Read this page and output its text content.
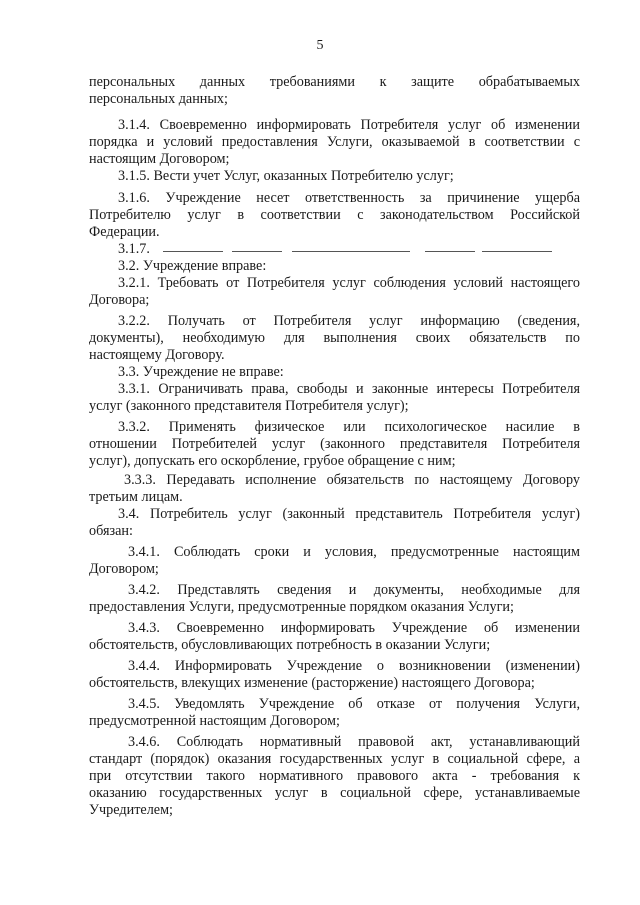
5
персональных данных требованиями к защите обрабатываемых
персональных данных;
3.1.4. Своевременно информировать Потребителя услуг об изменении
порядка и условий предоставления Услуги, оказываемой в соответствии с
настоящим Договором;
3.1.5. Вести учет Услуг, оказанных Потребителю услуг;
3.1.6. Учреждение несет ответственность за причинение ущерба
Потребителю услуг в соответствии с законодательством Российской
Федерации.
3.1.7.
3.2. Учреждение вправе:
3.2.1. Требовать от Потребителя услуг соблюдения условий настоящего
Договора;
3.2.2. Получать от Потребителя услуг информацию (сведения,
документы), необходимую для выполнения своих обязательств по
настоящему Договору.
3.3. Учреждение не вправе:
3.3.1. Ограничивать права, свободы и законные интересы Потребителя
услуг (законного представителя Потребителя услуг);
3.3.2. Применять физическое или психологическое насилие в
отношении Потребителей услуг (законного представителя Потребителя
услуг), допускать его оскорбление, грубое обращение с ним;
3.3.3. Передавать исполнение обязательств по настоящему Договору
третьим лицам.
3.4. Потребитель услуг (законный представитель Потребителя услуг)
обязан:
3.4.1. Соблюдать сроки и условия, предусмотренные настоящим
Договором;
3.4.2. Представлять сведения и документы, необходимые для
предоставления Услуги, предусмотренные порядком оказания Услуги;
3.4.3. Своевременно информировать Учреждение об изменении
обстоятельств, обусловливающих потребность в оказании Услуги;
3.4.4. Информировать Учреждение о возникновении (изменении)
обстоятельств, влекущих изменение (расторжение) настоящего Договора;
3.4.5. Уведомлять Учреждение об отказе от получения Услуги,
предусмотренной настоящим Договором;
3.4.6. Соблюдать нормативный правовой акт, устанавливающий
стандарт (порядок) оказания государственных услуг в социальной сфере, а
при отсутствии такого нормативного правового акта - требования к
оказанию государственных услуг в социальной сфере, устанавливаемые
Учредителем;
